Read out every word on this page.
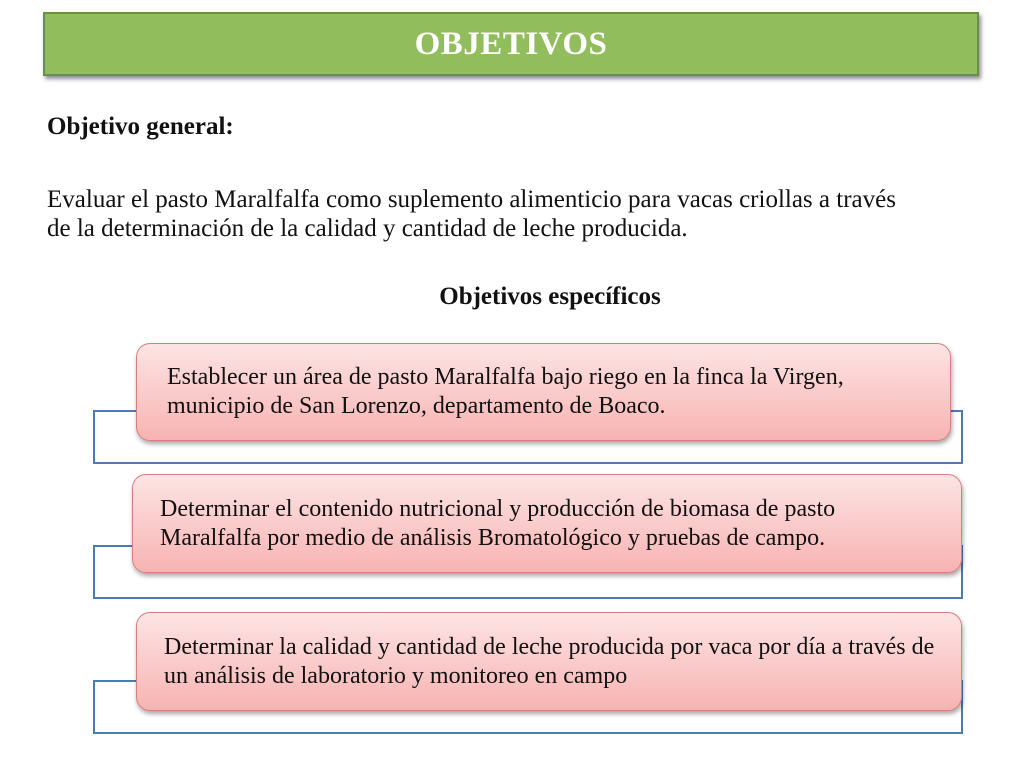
OBJETIVOS
Objetivo general:
Evaluar el pasto Maralfalfa como suplemento alimenticio para vacas criollas a través de la determinación de la calidad y cantidad de leche producida.
Objetivos específicos
Establecer un área de pasto Maralfalfa bajo riego en la finca la Virgen, municipio de San Lorenzo, departamento de Boaco.
Determinar el contenido nutricional y producción de biomasa de pasto Maralfalfa por medio de análisis Bromatológico y pruebas de campo.
Determinar la calidad y cantidad de leche producida por vaca por día a través de un análisis de laboratorio y monitoreo en campo
